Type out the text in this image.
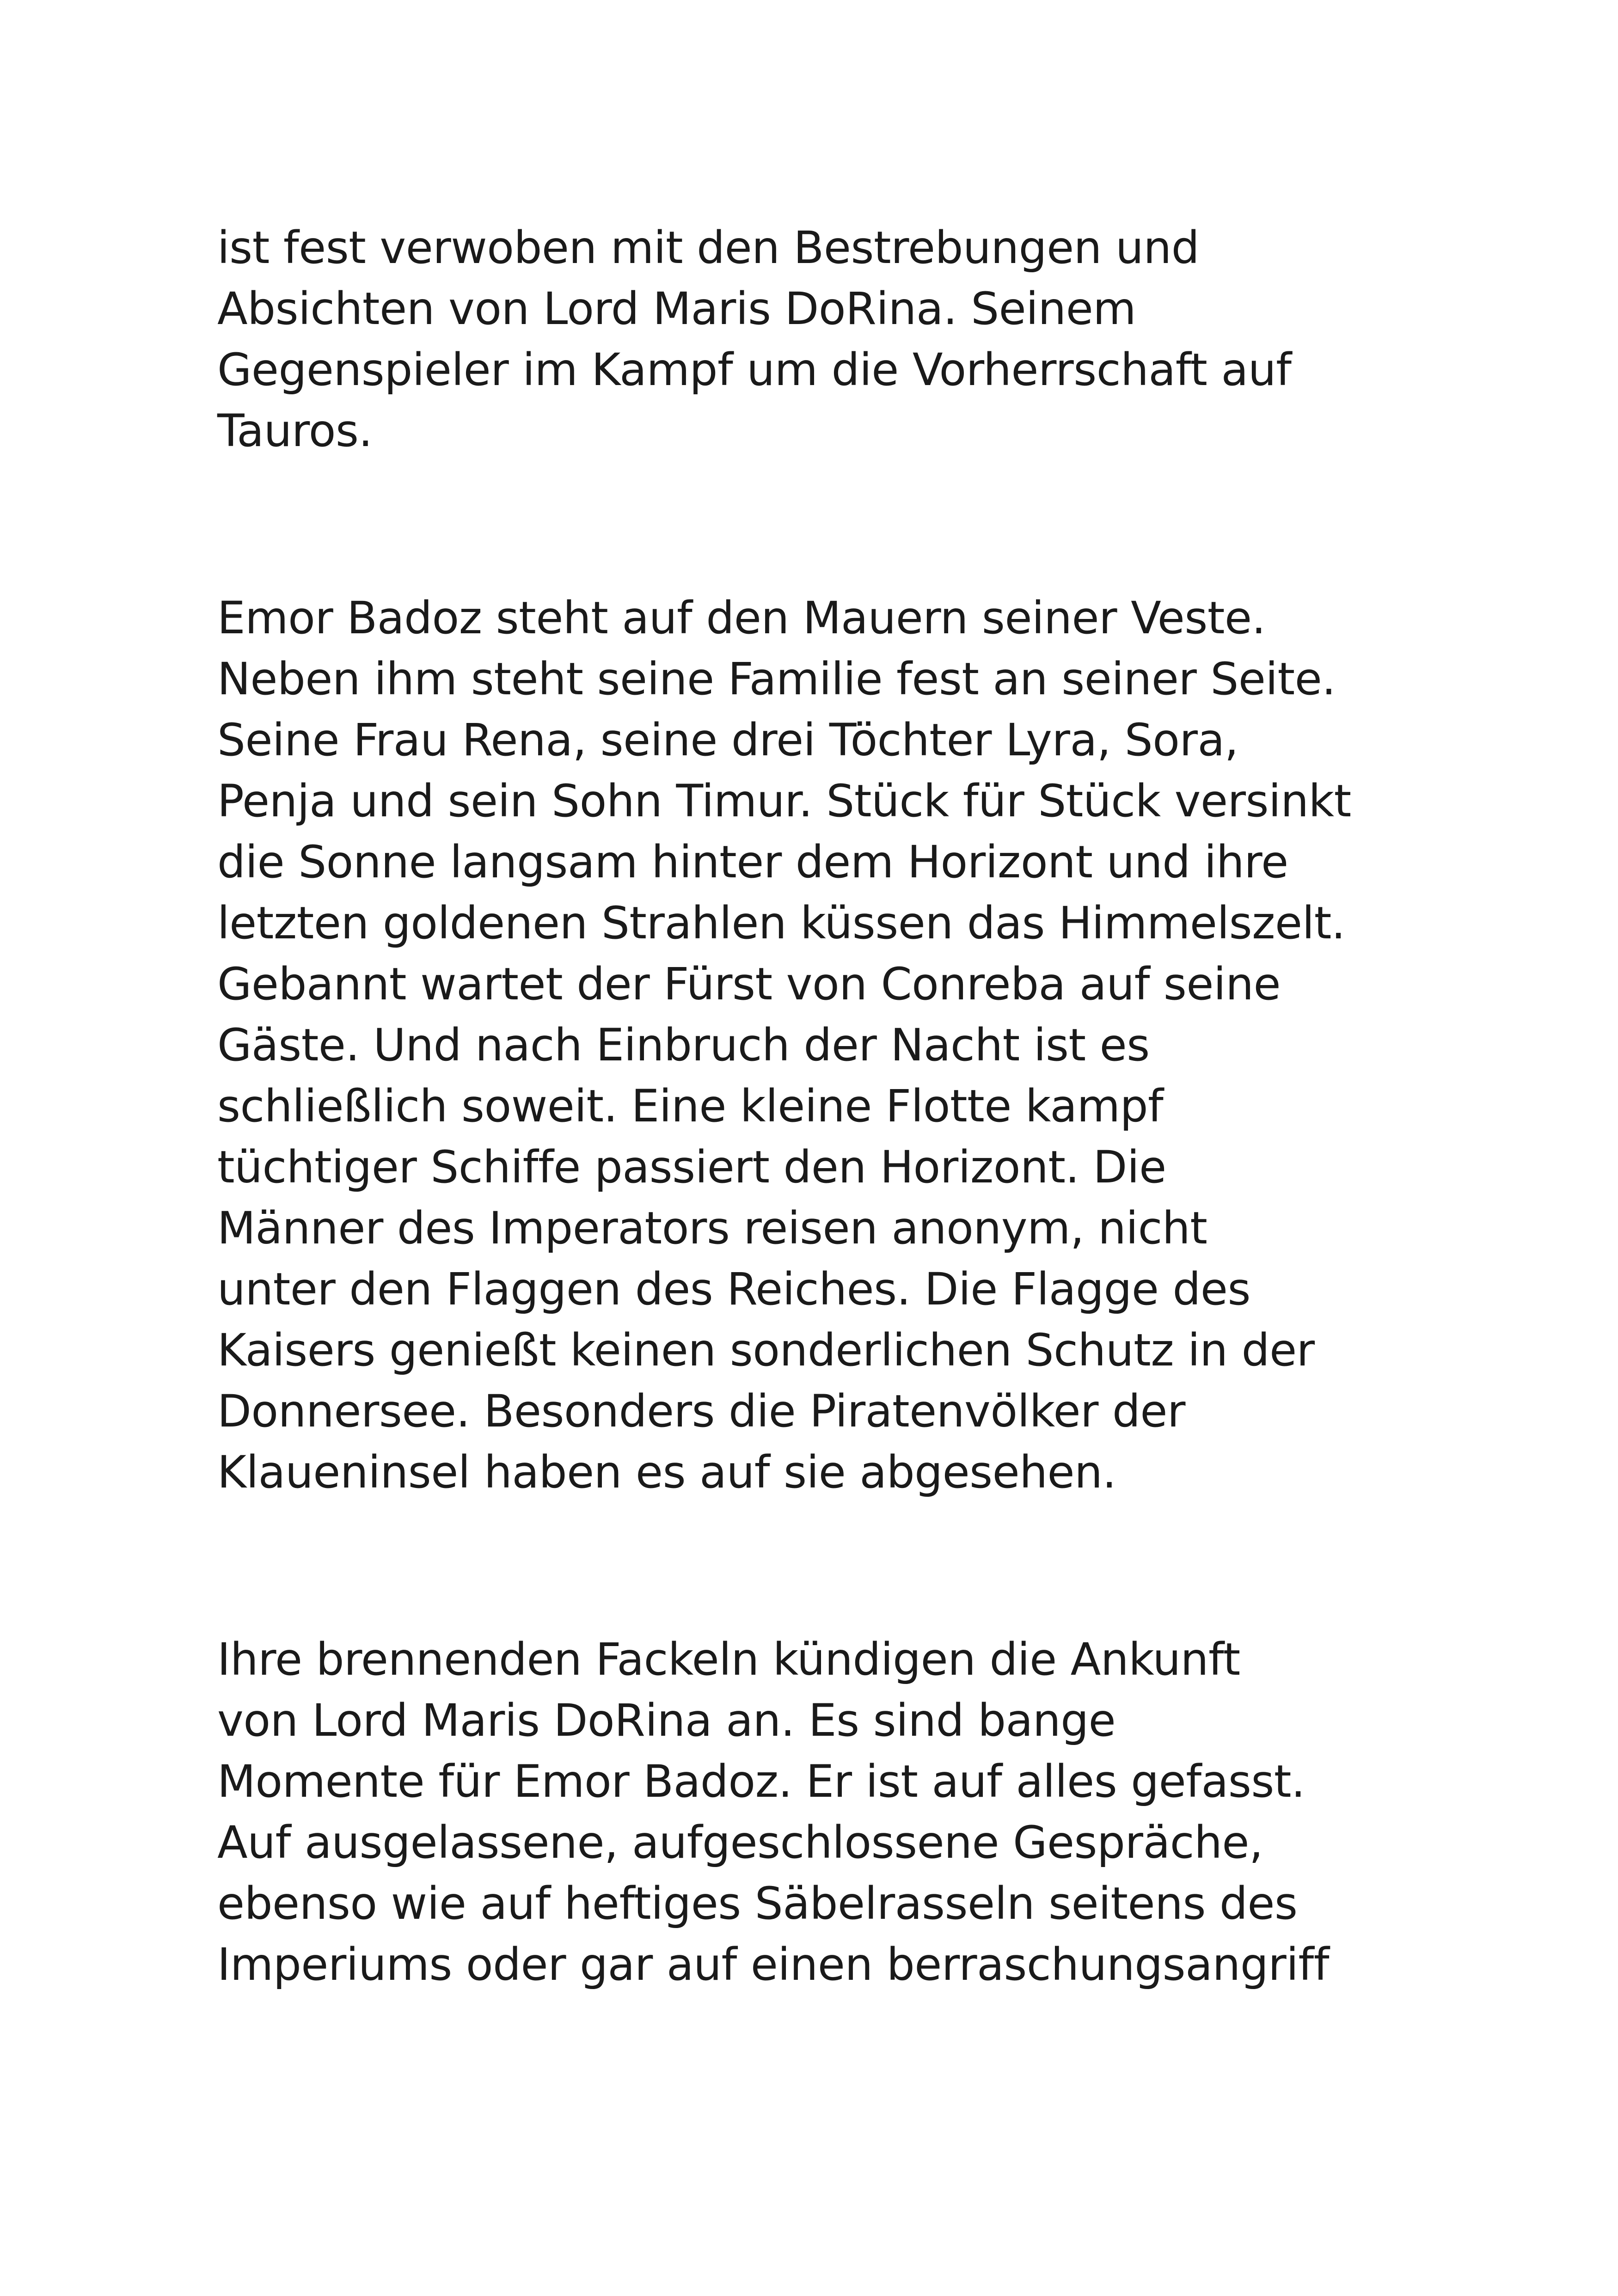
ist fest verwoben mit den Bestrebungen und
Absichten von Lord Maris DoRina. Seinem
Gegenspieler im Kampf um die Vorherrschaft auf
Tauros.
Emor Badoz steht auf den Mauern seiner Veste.
Neben ihm steht seine Familie fest an seiner Seite.
Seine Frau Rena, seine drei Töchter Lyra, Sora,
Penja und sein Sohn Timur. Stück für Stück versinkt
die Sonne langsam hinter dem Horizont und ihre
letzten goldenen Strahlen küssen das Himmelszelt.
Gebannt wartet der Fürst von Conreba auf seine
Gäste. Und nach Einbruch der Nacht ist es
schließlich soweit. Eine kleine Flotte kampf
tüchtiger Schiffe passiert den Horizont. Die
Männer des Imperators reisen anonym, nicht
unter den Flaggen des Reiches. Die Flagge des
Kaisers genießt keinen sonderlichen Schutz in der
Donnersee. Besonders die Piratenvölker der
Klaueninsel haben es auf sie abgesehen.
Ihre brennenden Fackeln kündigen die Ankunft
von Lord Maris DoRina an. Es sind bange
Momente für Emor Badoz. Er ist auf alles gefasst.
Auf ausgelassene, aufgeschlossene Gespräche,
ebenso wie auf heftiges Säbelrasseln seitens des
Imperiums oder gar auf einen berraschungsangriff
